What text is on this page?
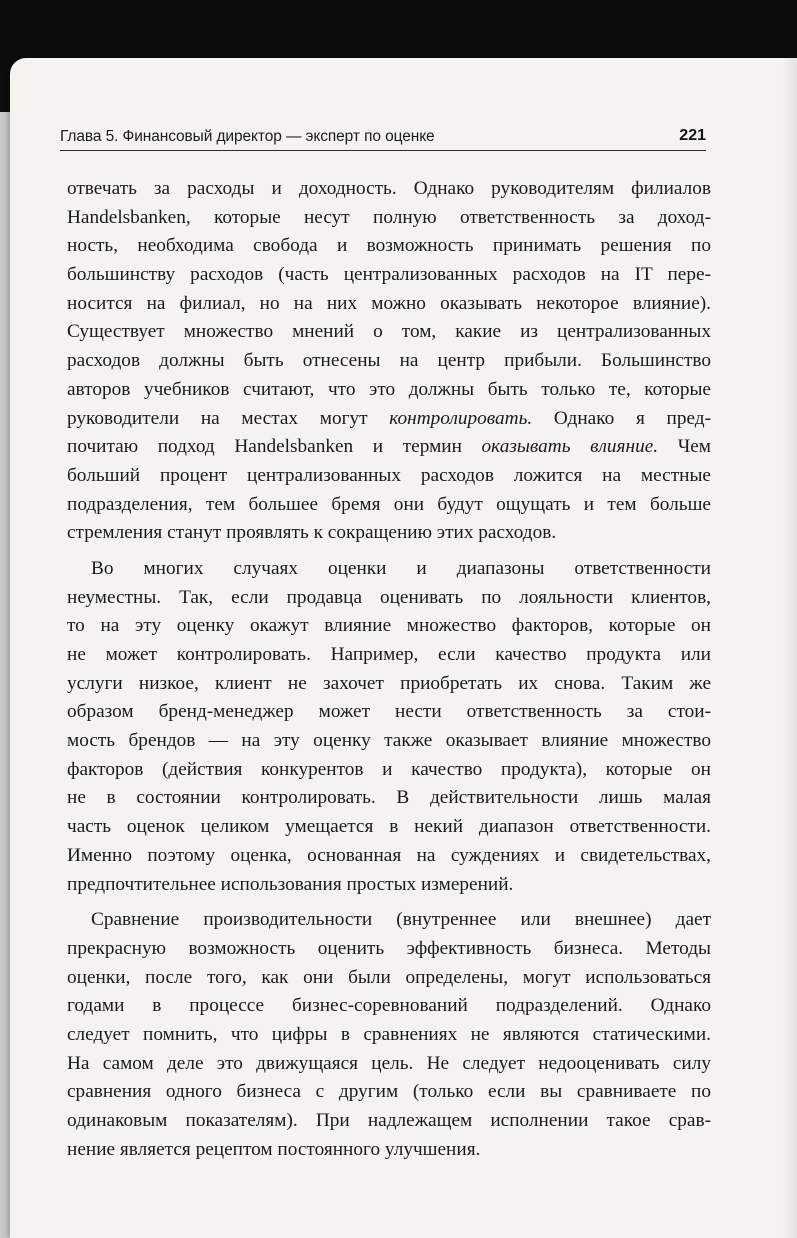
Глава 5. Финансовый директор — эксперт по оценке	221

отвечать за расходы и доходность. Однако руководителям филиалов
Handelsbanken, которые несут полную ответственность за доход-
ность, необходима свобода и возможность принимать решения по
большинству расходов (часть централизованных расходов на IT пере-
носится на филиал, но на них можно оказывать некоторое влияние).
Существует множество мнений о том, какие из централизованных
расходов должны быть отнесены на центр прибыли. Большинство
авторов учебников считают, что это должны быть только те, которые
руководители на местах могут контролировать. Однако я пред-
почитаю подход Handelsbanken и термин оказывать влияние. Чем
больший процент централизованных расходов ложится на местные
подразделения, тем большее бремя они будут ощущать и тем больше
стремления станут проявлять к сокращению этих расходов.

Во многих случаях оценки и диапазоны ответственности
неуместны. Так, если продавца оценивать по лояльности клиентов,
то на эту оценку окажут влияние множество факторов, которые он
не может контролировать. Например, если качество продукта или
услуги низкое, клиент не захочет приобретать их снова. Таким же
образом бренд-менеджер может нести ответственность за стои-
мость брендов — на эту оценку также оказывает влияние множество
факторов (действия конкурентов и качество продукта), которые он
не в состоянии контролировать. В действительности лишь малая
часть оценок целиком умещается в некий диапазон ответственности.
Именно поэтому оценка, основанная на суждениях и свидетельствах,
предпочтительнее использования простых измерений.

Сравнение производительности (внутреннее или внешнее) дает
прекрасную возможность оценить эффективность бизнеса. Методы
оценки, после того, как они были определены, могут использоваться
годами в процессе бизнес-соревнований подразделений. Однако
следует помнить, что цифры в сравнениях не являются статическими.
На самом деле это движущаяся цель. Не следует недооценивать силу
сравнения одного бизнеса с другим (только если вы сравниваете по
одинаковым показателям). При надлежащем исполнении такое срав-
нение является рецептом постоянного улучшения.
